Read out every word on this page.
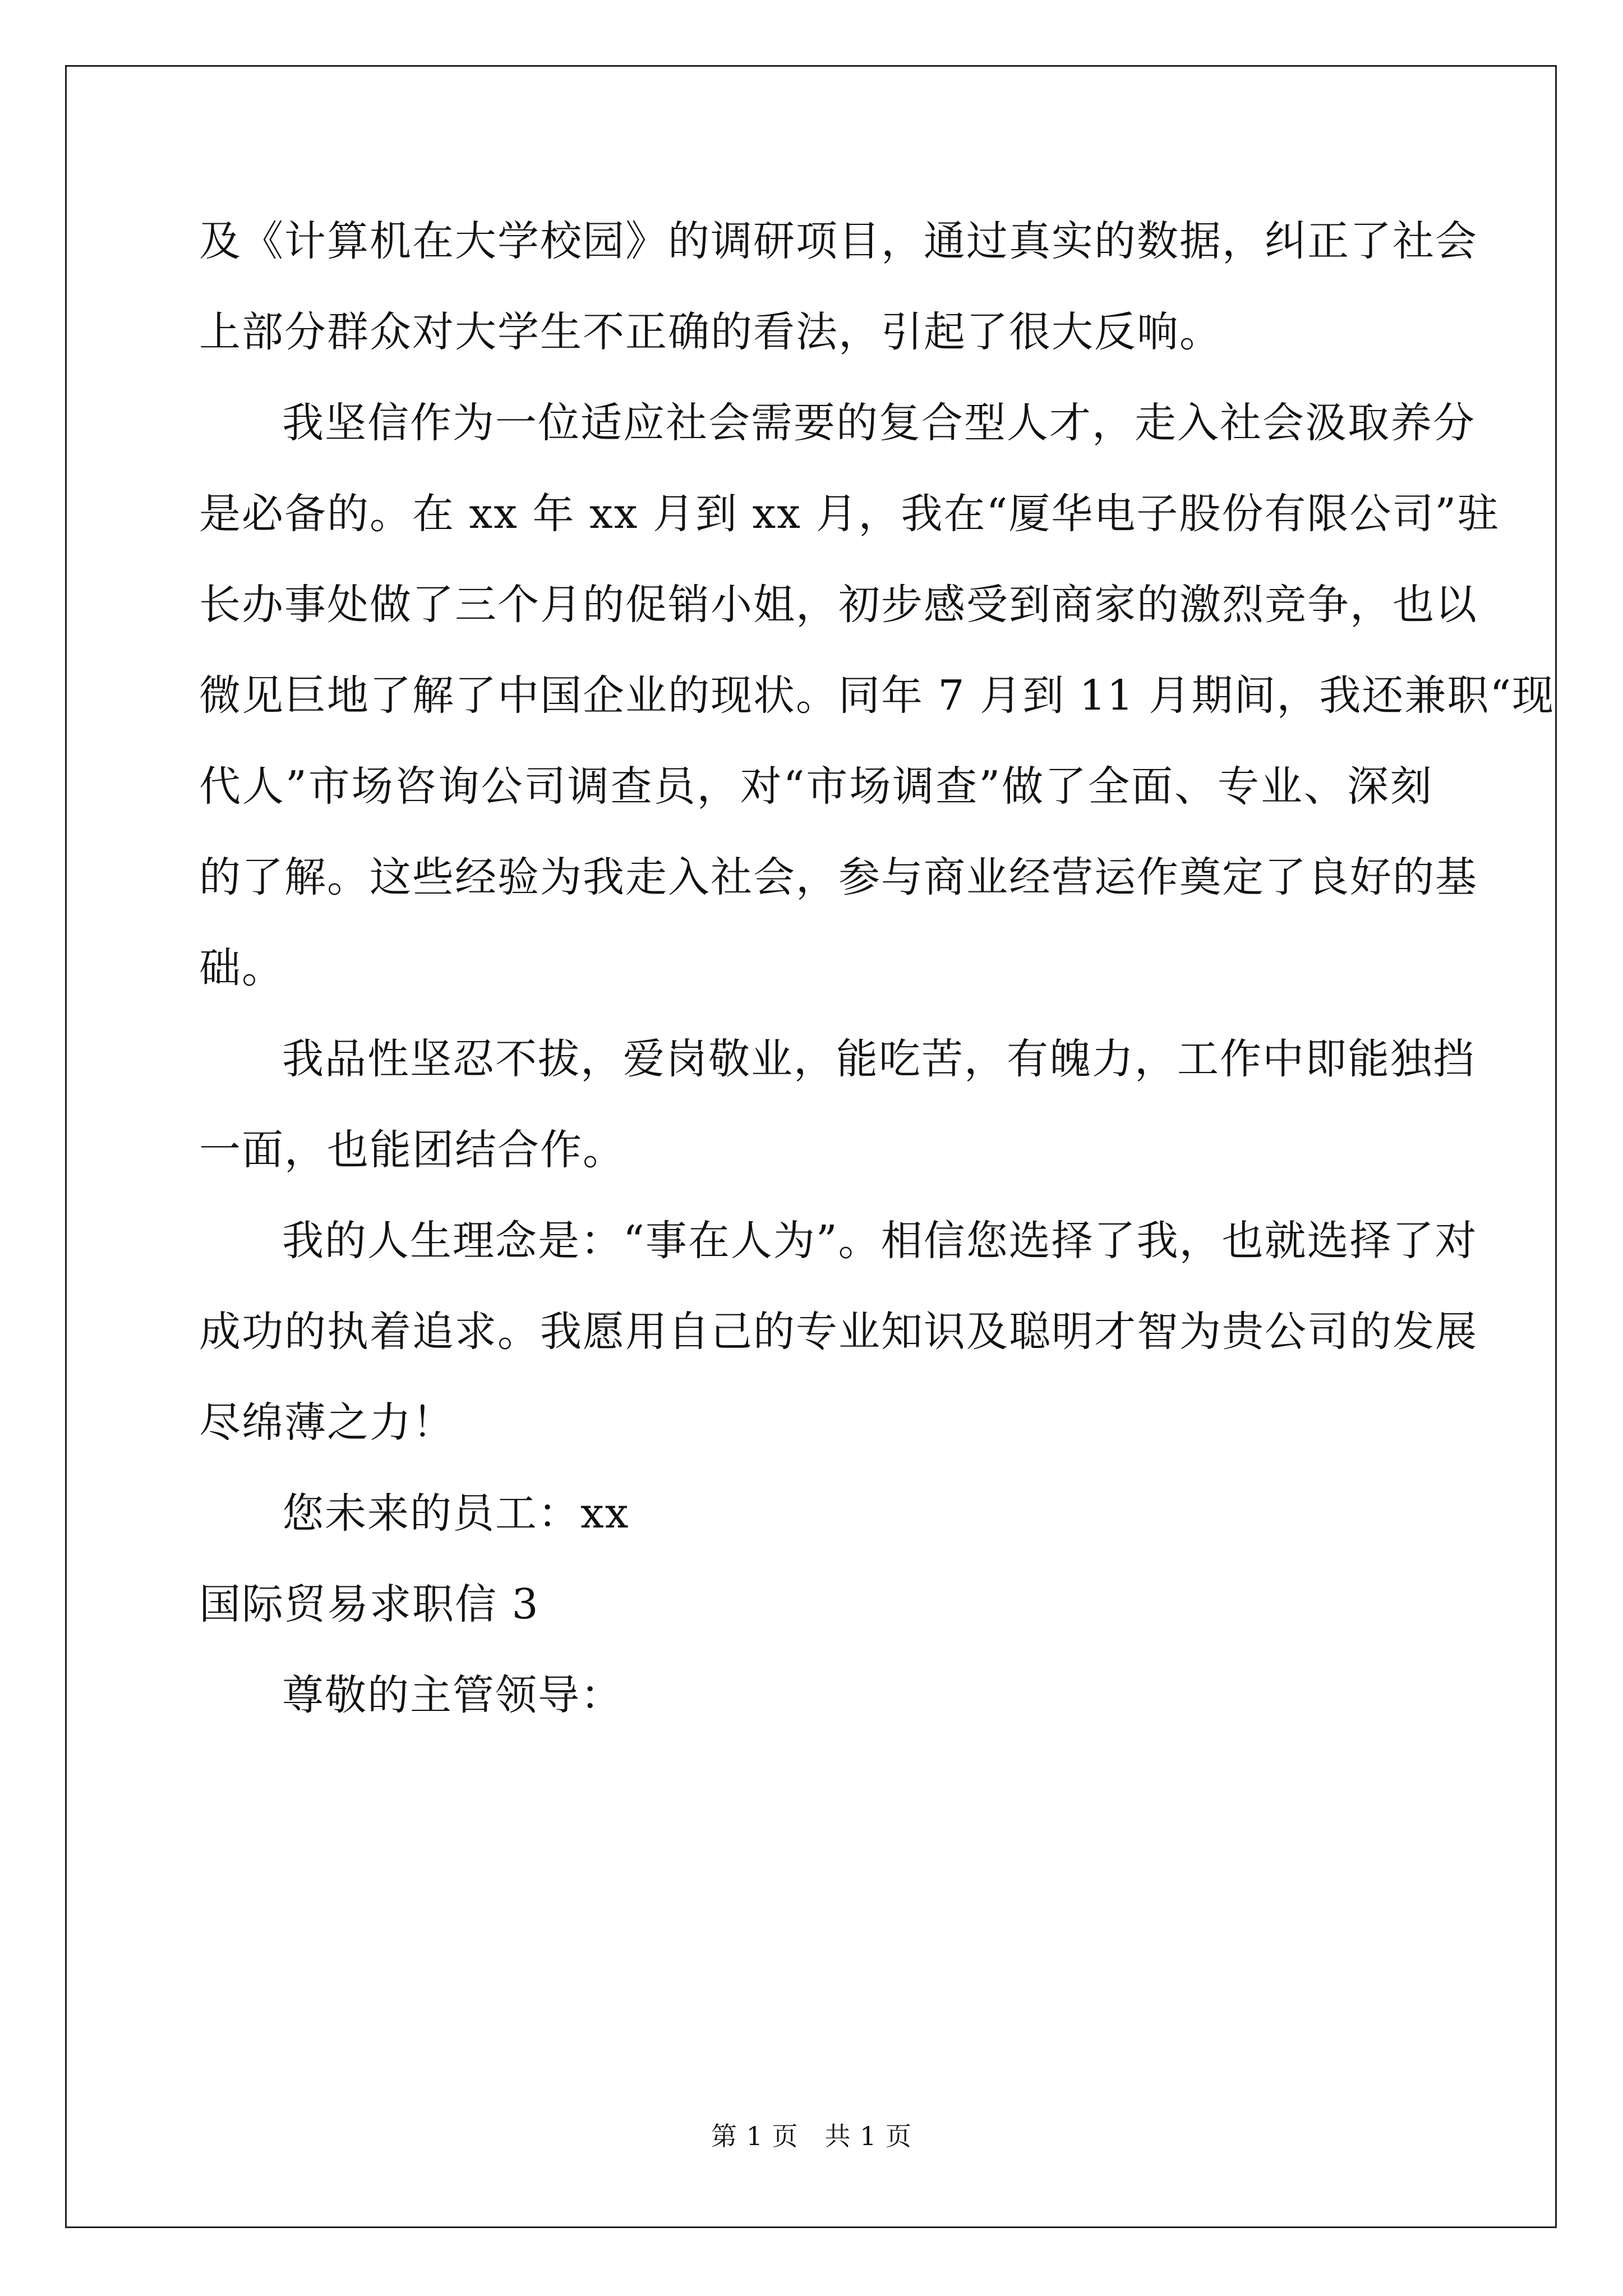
及《计算机在大学校园》的调研项目，通过真实的数据，纠正了社会
上部分群众对大学生不正确的看法，引起了很大反响。
我坚信作为一位适应社会需要的复合型人才，走入社会汲取养分
是必备的。在 xx 年 xx 月到 xx 月，我在“厦华电子股份有限公司”驻
长办事处做了三个月的促销小姐，初步感受到商家的激烈竞争，也以
微见巨地了解了中国企业的现状。同年 7 月到 11 月期间，我还兼职“现
代人”市场咨询公司调查员，对“市场调查”做了全面、专业、深刻
的了解。这些经验为我走入社会，参与商业经营运作奠定了良好的基
础。
我品性坚忍不拔，爱岗敬业，能吃苦，有魄力，工作中即能独挡
一面，也能团结合作。
我的人生理念是：“事在人为”。相信您选择了我，也就选择了对
成功的执着追求。我愿用自己的专业知识及聪明才智为贵公司的发展
尽绵薄之力！
您未来的员工：xx
国际贸易求职信 3
尊敬的主管领导：
第 1 页　共 1 页
